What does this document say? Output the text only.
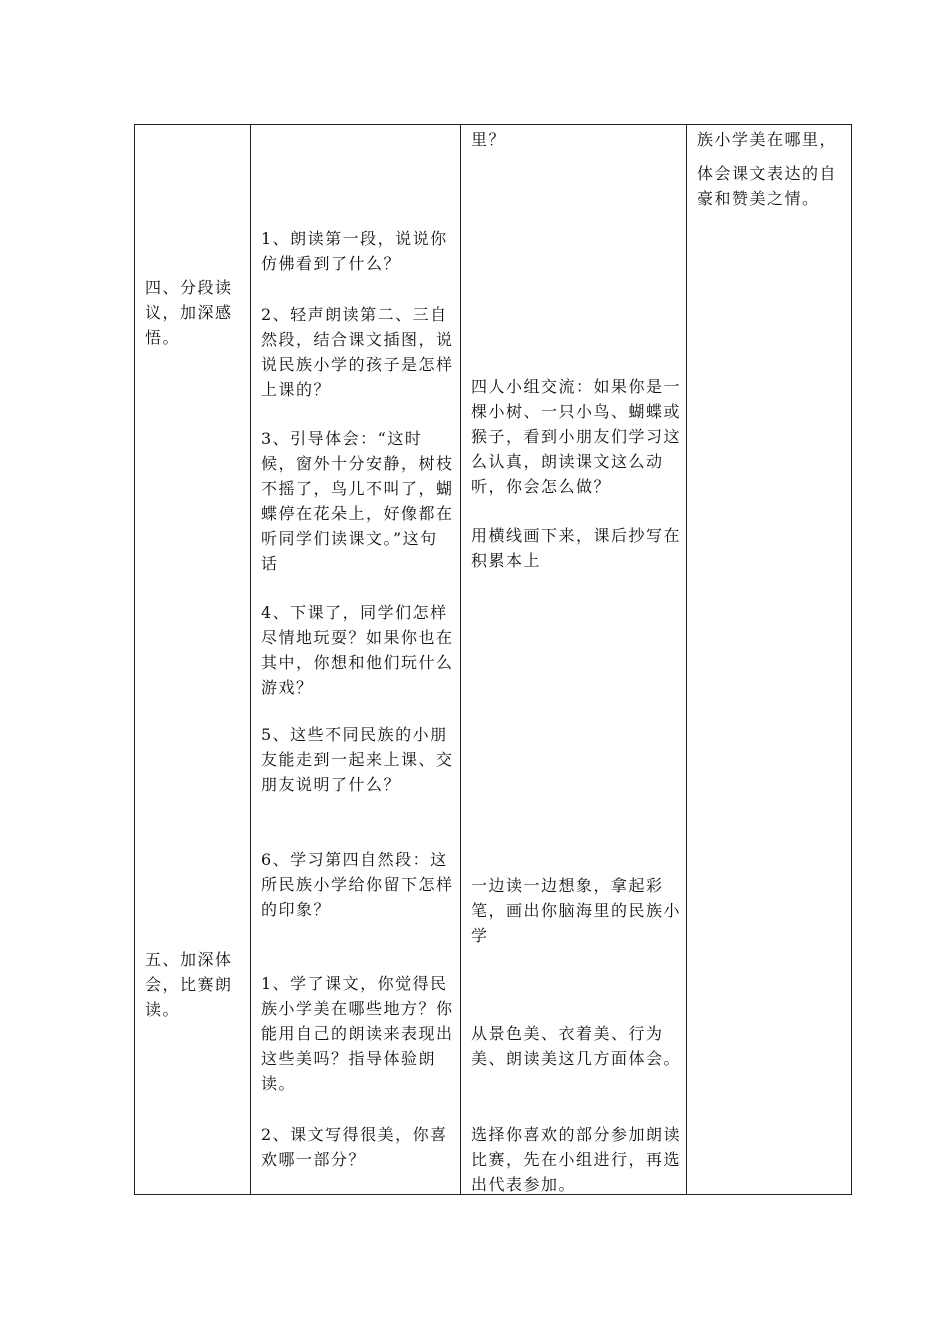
四、分段读议，加深感悟。

五、加深体会，比赛朗读。

1、朗读第一段，说说你仿佛看到了什么？

2、轻声朗读第二、三自然段，结合课文插图，说说民族小学的孩子是怎样上课的？

3、引导体会：“这时候，窗外十分安静，树枝不摇了，鸟儿不叫了，蝴蝶停在花朵上，好像都在听同学们读课文。”这句话

4、下课了，同学们怎样尽情地玩耍？如果你也在其中，你想和他们玩什么游戏？

5、这些不同民族的小朋友能走到一起来上课、交朋友说明了什么？

6、学习第四自然段：这所民族小学给你留下怎样的印象？

1、学了课文，你觉得民族小学美在哪些地方？你能用自己的朗读来表现出这些美吗？指导体验朗读。

2、课文写得很美，你喜欢哪一部分？

里？

四人小组交流：如果你是一棵小树、一只小鸟、蝴蝶或猴子，看到小朋友们学习这么认真，朗读课文这么动听，你会怎么做？

用横线画下来，课后抄写在积累本上

一边读一边想象，拿起彩笔，画出你脑海里的民族小学

从景色美、衣着美、行为美、朗读美这几方面体会。

选择你喜欢的部分参加朗读比赛，先在小组进行，再选出代表参加。

族小学美在哪里，

体会课文表达的自豪和赞美之情。
